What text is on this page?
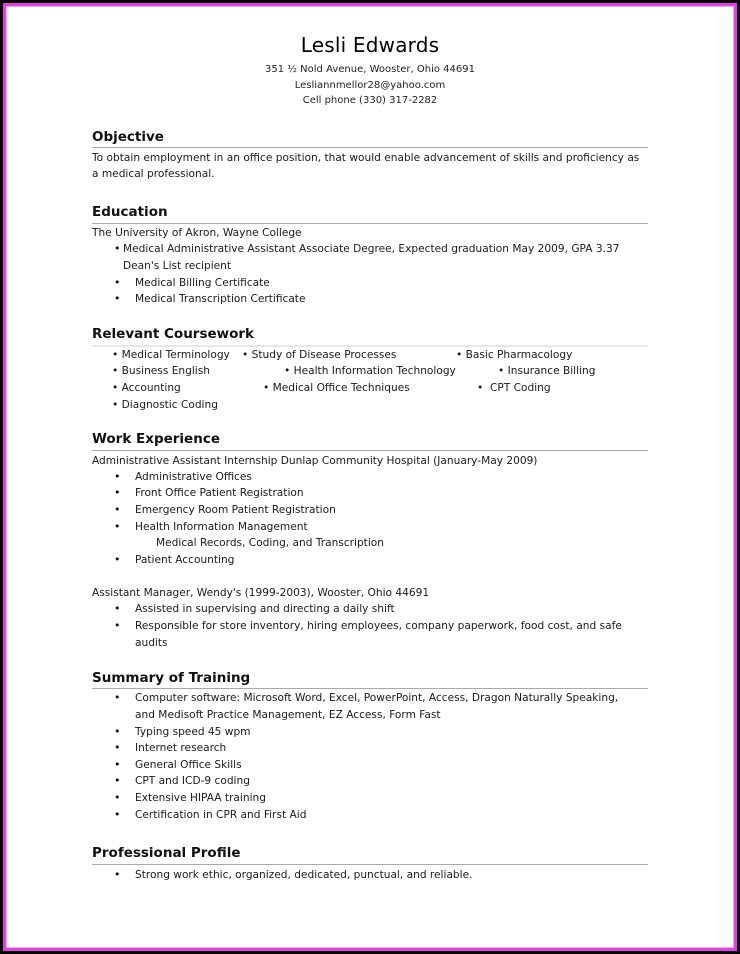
Lesli Edwards
351 ½ Nold Avenue, Wooster, Ohio 44691
Lesliannmellor28@yahoo.com
Cell phone (330) 317-2282
Objective
To obtain employment in an office position, that would enable advancement of skills and proficiency as
a medical professional.
Education
The University of Akron, Wayne College
• Medical Administrative Assistant Associate Degree, Expected graduation May 2009, GPA 3.37
Dean's List recipient
• Medical Billing Certificate
• Medical Transcription Certificate
Relevant Coursework
• Medical Terminology • Study of Disease Processes	• Basic Pharmacology
• Business English	• Health Information Technology	• Insurance Billing
• Accounting	• Medical Office Techniques	• CPT Coding
• Diagnostic Coding
Work Experience
Administrative Assistant Internship Dunlap Community Hospital (January-May 2009)
• Administrative Offices
• Front Office Patient Registration
• Emergency Room Patient Registration
• Health Information Management
Medical Records, Coding, and Transcription
• Patient Accounting
Assistant Manager, Wendy's (1999-2003), Wooster, Ohio 44691
• Assisted in supervising and directing a daily shift
• Responsible for store inventory, hiring employees, company paperwork, food cost, and safe
audits
Summary of Training
• Computer software: Microsoft Word, Excel, PowerPoint, Access, Dragon Naturally Speaking,
and Medisoft Practice Management, EZ Access, Form Fast
• Typing speed 45 wpm
• Internet research
• General Office Skills
• CPT and ICD-9 coding
• Extensive HIPAA training
• Certification in CPR and First Aid
Professional Profile
• Strong work ethic, organized, dedicated, punctual, and reliable.
